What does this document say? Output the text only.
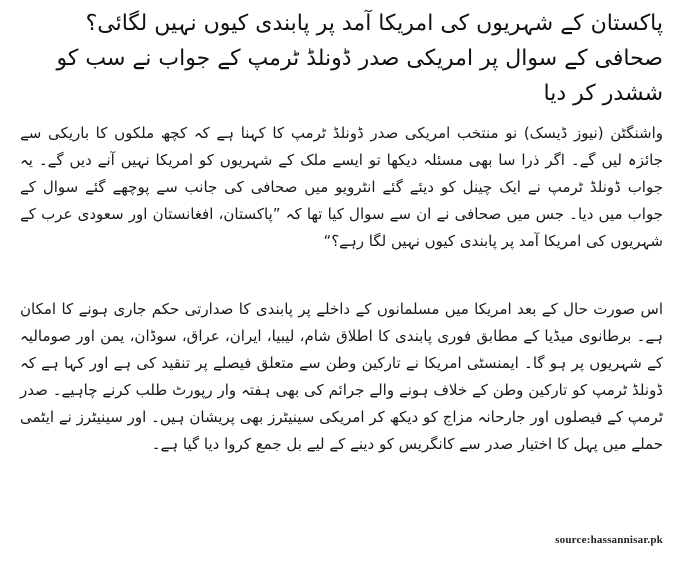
پاکستان کے شہریوں کی امریکا آمد پر پابندی کیوں نہیں لگائی؟ صحافی کے سوال پر امریکی صدر ڈونلڈ ٹرمپ کے جواب نے سب کو ششدر کر دیا

واشنگٹن (نیوز ڈیسک) نو منتخب امریکی صدر ڈونلڈ ٹرمپ کا کہنا ہے کہ کچھ ملکوں کا باریکی سے جائزہ لیں گے۔ اگر ذرا سا بھی مسئلہ دیکھا تو ایسے ملک کے شہریوں کو امریکا نہیں آنے دیں گے۔ یہ جواب ڈونلڈ ٹرمپ نے ایک چینل کو دیئے گئے انٹرویو میں صحافی کی جانب سے پوچھے گئے سوال کے جواب میں دیا۔ جس میں صحافی نے ان سے سوال کیا تھا کہ ”پاکستان، افغانستان اور سعودی عرب کے شہریوں کی امریکا آمد پر پابندی کیوں نہیں لگا رہے؟“

اس صورت حال کے بعد امریکا میں مسلمانوں کے داخلے پر پابندی کا صدارتی حکم جاری ہونے کا امکان ہے۔ برطانوی میڈیا کے مطابق فوری پابندی کا اطلاق شام، لیبیا، ایران، عراق، سوڈان، یمن اور صومالیہ کے شہریوں پر ہو گا۔ ایمنسٹی امریکا نے تارکین وطن سے متعلق فیصلے پر تنقید کی ہے اور کہا ہے کہ ڈونلڈ ٹرمپ کو تارکین وطن کے خلاف ہونے والے جرائم کی بھی ہفتہ وار رپورٹ طلب کرنے چاہیے۔ صدر ٹرمپ کے فیصلوں اور جارحانہ مزاج کو دیکھ کر امریکی سینیٹرز بھی پریشان ہیں۔ اور سینیٹرز نے ایٹمی حملے میں پہل کا اختیار صدر سے کانگریس کو دینے کے لیے بل جمع کروا دیا گیا ہے۔

source:hassannisar.pk
